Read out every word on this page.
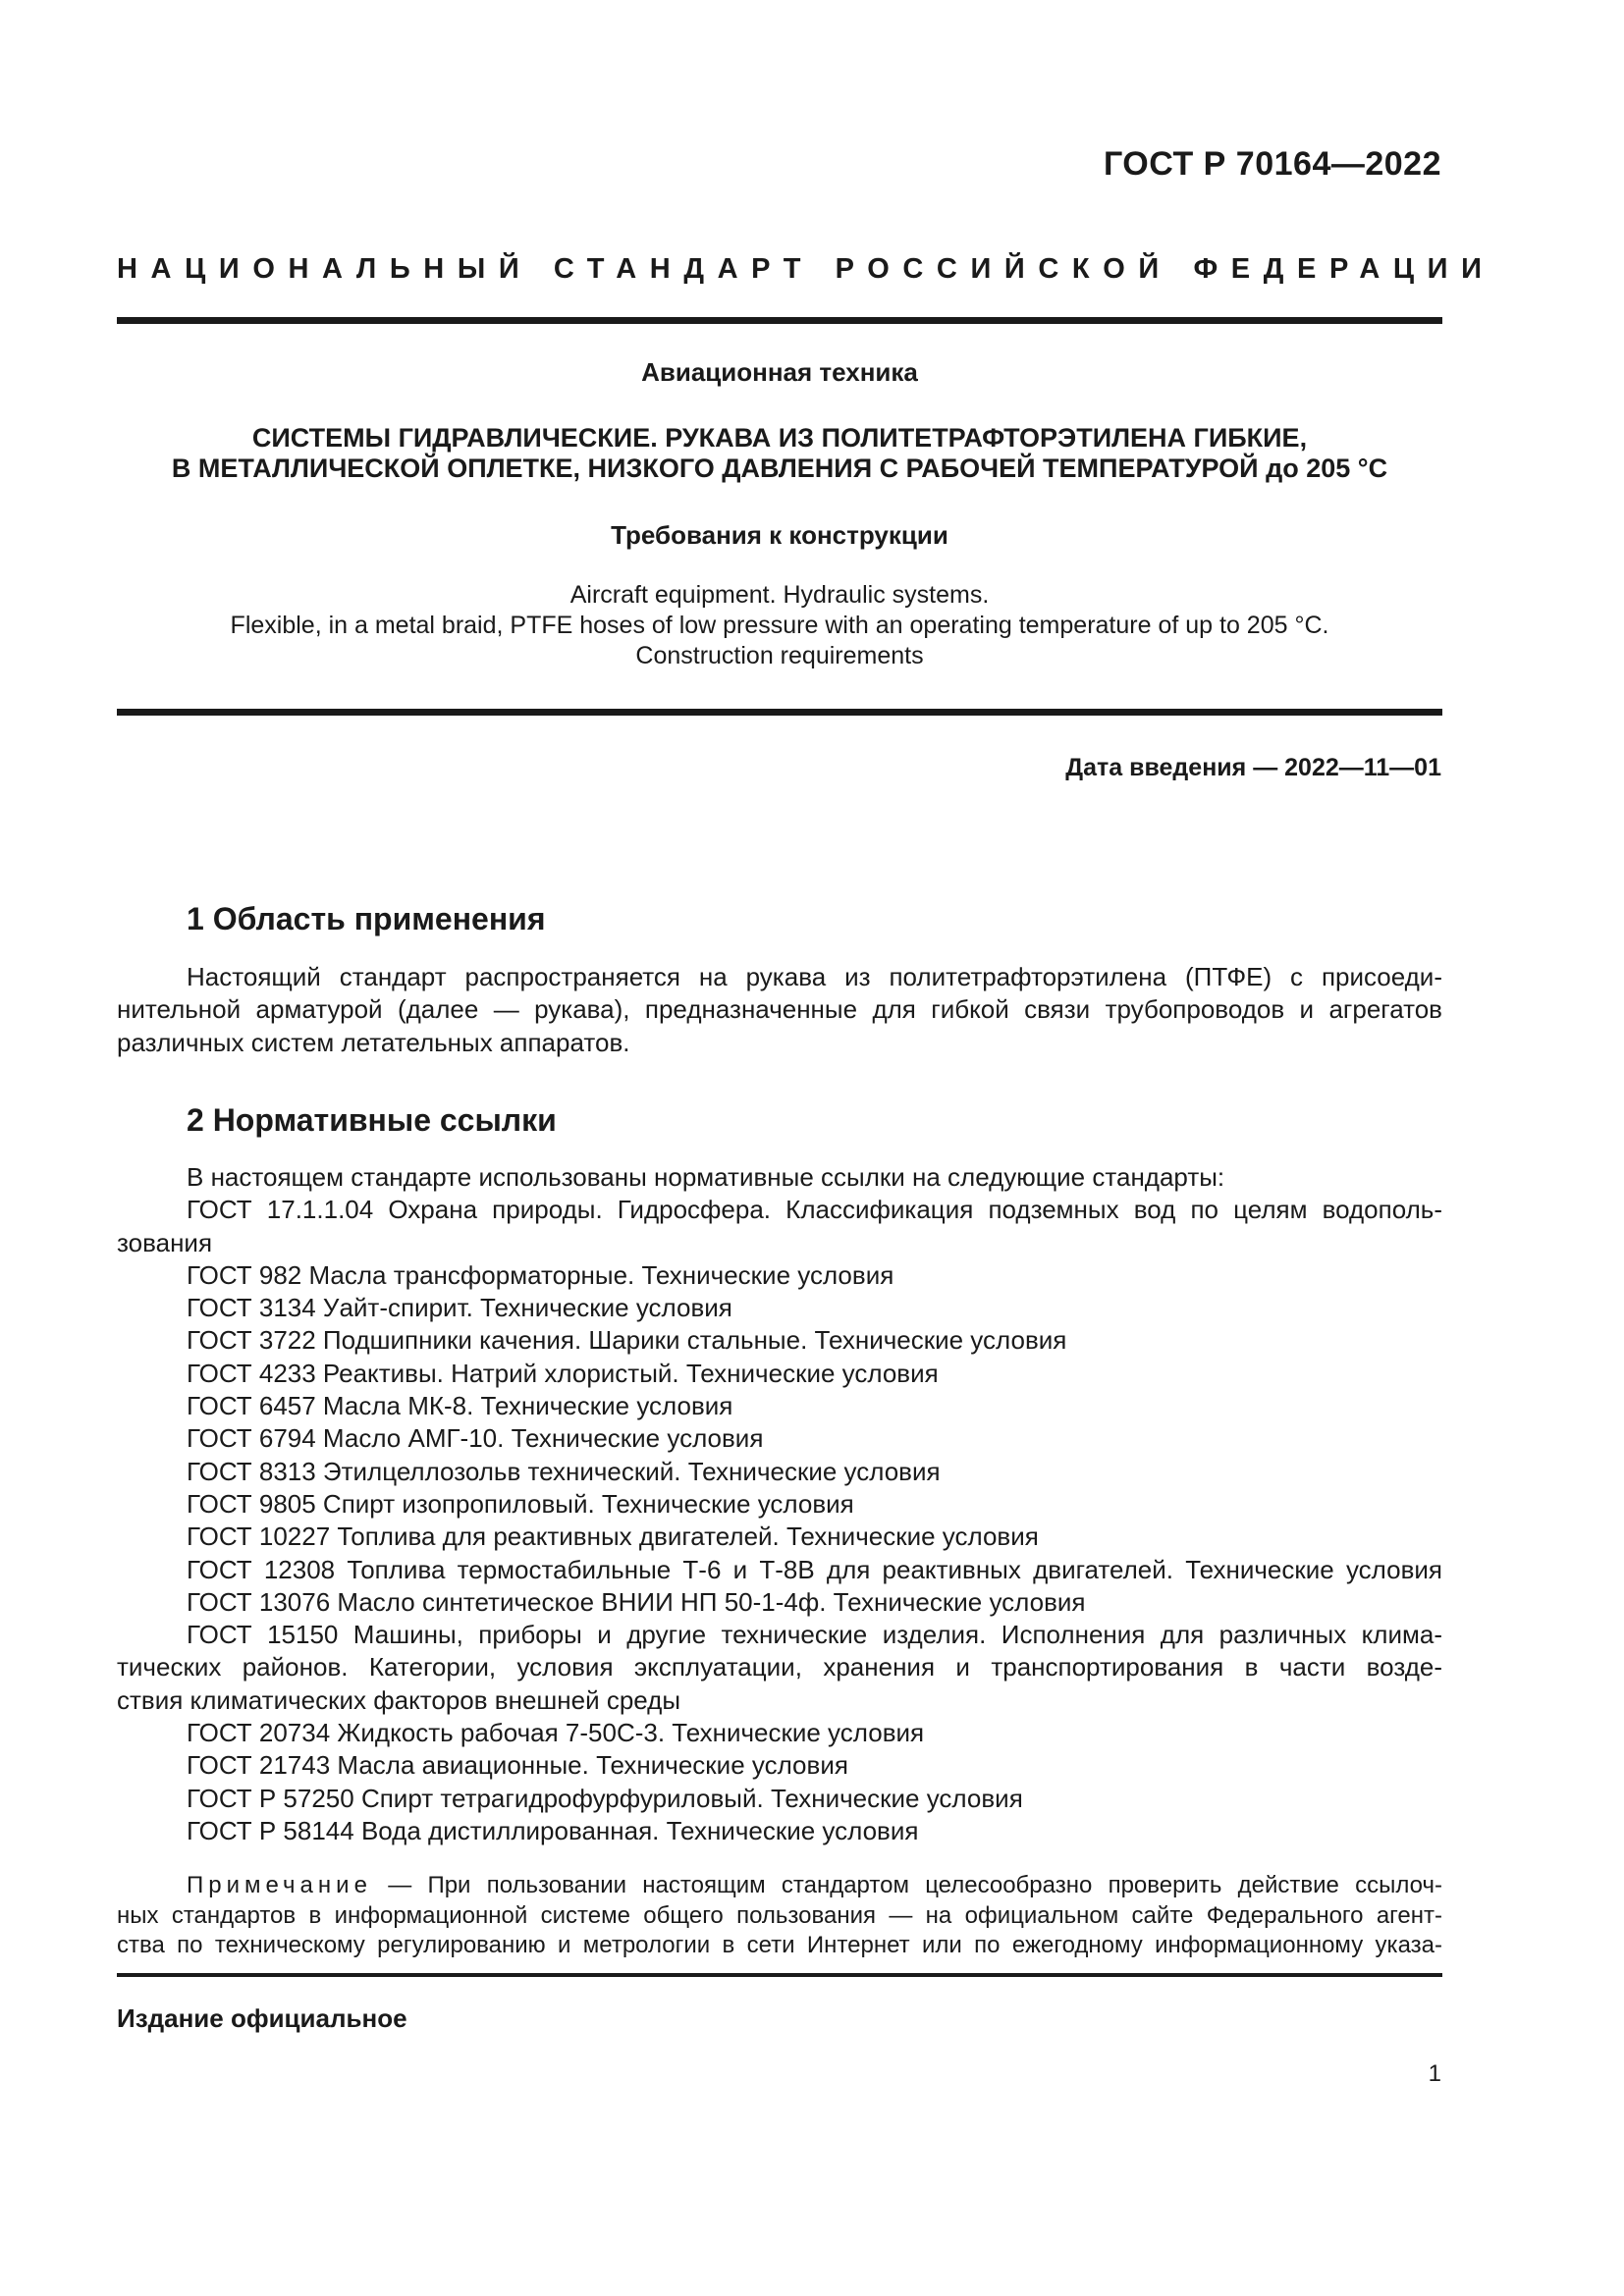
ГОСТ Р 70164—2022
НАЦИОНАЛЬНЫЙ СТАНДАРТ РОССИЙСКОЙ ФЕДЕРАЦИИ
Авиационная техника
СИСТЕМЫ ГИДРАВЛИЧЕСКИЕ. РУКАВА ИЗ ПОЛИТЕТРАФТОРЭТИЛЕНА ГИБКИЕ,
В МЕТАЛЛИЧЕСКОЙ ОПЛЕТКЕ, НИЗКОГО ДАВЛЕНИЯ С РАБОЧЕЙ ТЕМПЕРАТУРОЙ до 205 °С
Требования к конструкции
Aircraft equipment. Hydraulic systems.
Flexible, in a metal braid, PTFE hoses of low pressure with an operating temperature of up to 205 °C.
Construction requirements
Дата введения — 2022—11—01
1 Область применения
Настоящий стандарт распространяется на рукава из политетрафторэтилена (ПТФЕ) с присоеди-
нительной арматурой (далее — рукава), предназначенные для гибкой связи трубопроводов и агрегатов
различных систем летательных аппаратов.
2 Нормативные ссылки
В настоящем стандарте использованы нормативные ссылки на следующие стандарты:
ГОСТ 17.1.1.04 Охрана природы. Гидросфера. Классификация подземных вод по целям водополь-
зования
ГОСТ 982 Масла трансформаторные. Технические условия
ГОСТ 3134 Уайт-спирит. Технические условия
ГОСТ 3722 Подшипники качения. Шарики стальные. Технические условия
ГОСТ 4233 Реактивы. Натрий хлористый. Технические условия
ГОСТ 6457 Масла МК-8. Технические условия
ГОСТ 6794 Масло АМГ-10. Технические условия
ГОСТ 8313 Этилцеллозольв технический. Технические условия
ГОСТ 9805 Спирт изопропиловый. Технические условия
ГОСТ 10227 Топлива для реактивных двигателей. Технические условия
ГОСТ 12308 Топлива термостабильные Т-6 и Т-8В для реактивных двигателей. Технические условия
ГОСТ 13076 Масло синтетическое ВНИИ НП 50-1-4ф. Технические условия
ГОСТ 15150 Машины, приборы и другие технические изделия. Исполнения для различных клима-
тических районов. Категории, условия эксплуатации, хранения и транспортирования в части возде-
ствия климатических факторов внешней среды
ГОСТ 20734 Жидкость рабочая 7-50С-3. Технические условия
ГОСТ 21743 Масла авиационные. Технические условия
ГОСТ Р 57250 Спирт тетрагидрофурфуриловый. Технические условия
ГОСТ Р 58144 Вода дистиллированная. Технические условия
Примечание — При пользовании настоящим стандартом целесообразно проверить действие ссылоч-
ных стандартов в информационной системе общего пользования — на официальном сайте Федерального агент-
ства по техническому регулированию и метрологии в сети Интернет или по ежегодному информационному указа-
Издание официальное
1
